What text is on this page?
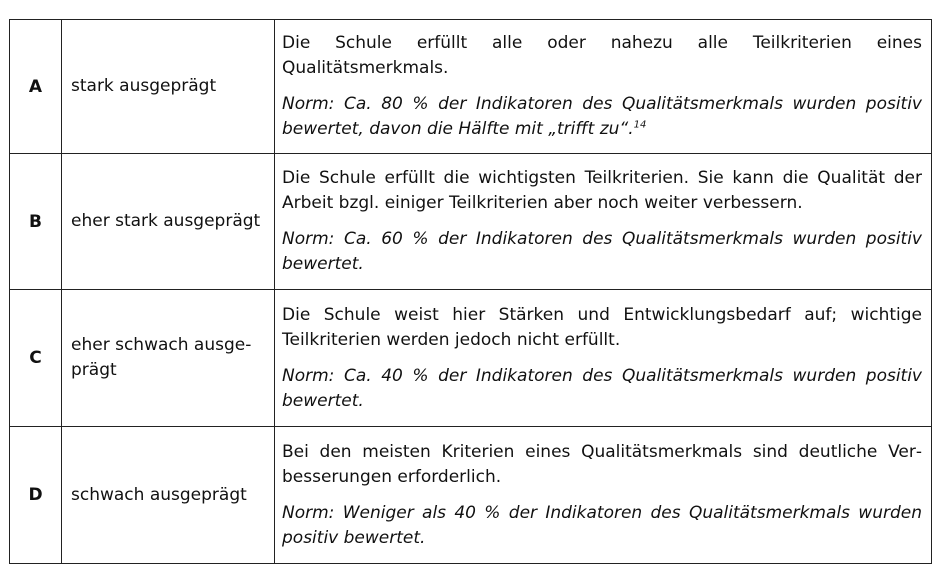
A	stark ausgeprägt	Die Schule erfüllt alle oder nahezu alle Teilkriterien eines Qualitätsmerkmals.

Norm: Ca. 80 % der Indikatoren des Qualitätsmerkmals wurden positiv bewertet, davon die Hälfte mit „trifft zu“.$^{14}$

B	eher stark ausgeprägt	Die Schule erfüllt die wichtigsten Teilkriterien. Sie kann die Qualität der Arbeit bzgl. einiger Teilkriterien aber noch weiter verbessern.

Norm: Ca. 60 % der Indikatoren des Qualitätsmerkmals wurden positiv bewertet.

C	eher schwach ausgeprägt	Die Schule weist hier Stärken und Entwicklungsbedarf auf; wichtige Teilkriterien werden jedoch nicht erfüllt.

Norm: Ca. 40 % der Indikatoren des Qualitätsmerkmals wurden positiv bewertet.

D	schwach ausgeprägt	Bei den meisten Kriterien eines Qualitätsmerkmals sind deutliche Verbesserungen erforderlich.

Norm: Weniger als 40 % der Indikatoren des Qualitätsmerkmals wurden positiv bewertet.
